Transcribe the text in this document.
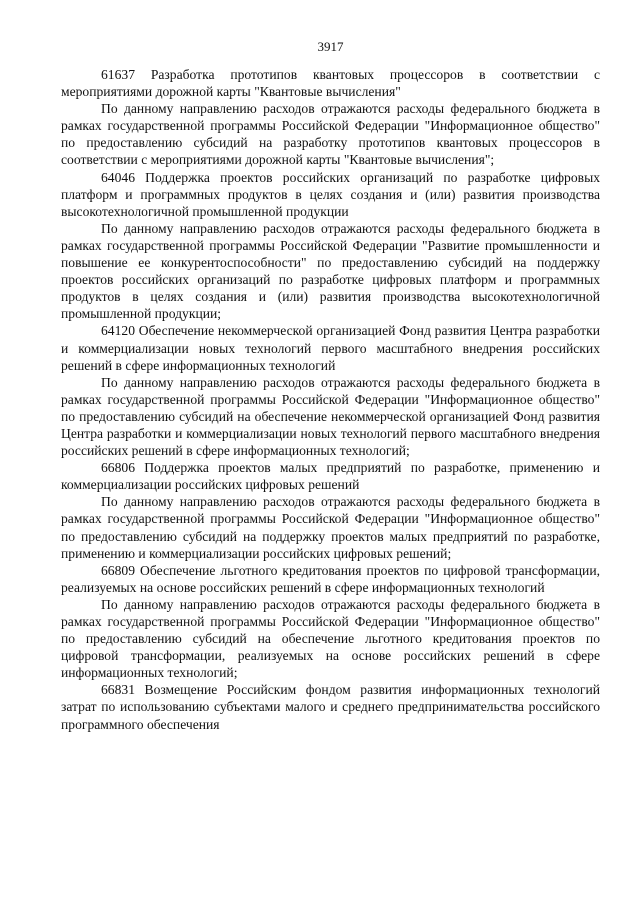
3917

61637 Разработка прототипов квантовых процессоров в соответствии с мероприятиями дорожной карты "Квантовые вычисления"

По данному направлению расходов отражаются расходы федерального бюджета в рамках государственной программы Российской Федерации "Информационное общество" по предоставлению субсидий на разработку прототипов квантовых процессоров в соответствии с мероприятиями дорожной карты "Квантовые вычисления";

64046 Поддержка проектов российских организаций по разработке цифровых платформ и программных продуктов в целях создания и (или) развития производства высокотехнологичной промышленной продукции

По данному направлению расходов отражаются расходы федерального бюджета в рамках государственной программы Российской Федерации "Развитие промышленности и повышение ее конкурентоспособности" по предоставлению субсидий на поддержку проектов российских организаций по разработке цифровых платформ и программных продуктов в целях создания и (или) развития производства высокотехнологичной промышленной продукции;

64120 Обеспечение некоммерческой организацией Фонд развития Центра разработки и коммерциализации новых технологий первого масштабного внедрения российских решений в сфере информационных технологий

По данному направлению расходов отражаются расходы федерального бюджета в рамках государственной программы Российской Федерации "Информационное общество" по предоставлению субсидий на обеспечение некоммерческой организацией Фонд развития Центра разработки и коммерциализации новых технологий первого масштабного внедрения российских решений в сфере информационных технологий;

66806 Поддержка проектов малых предприятий по разработке, применению и коммерциализации российских цифровых решений

По данному направлению расходов отражаются расходы федерального бюджета в рамках государственной программы Российской Федерации "Информационное общество" по предоставлению субсидий на поддержку проектов малых предприятий по разработке, применению и коммерциализации российских цифровых решений;

66809 Обеспечение льготного кредитования проектов по цифровой трансформации, реализуемых на основе российских решений в сфере информационных технологий

По данному направлению расходов отражаются расходы федерального бюджета в рамках государственной программы Российской Федерации "Информационное общество" по предоставлению субсидий на обеспечение льготного кредитования проектов по цифровой трансформации, реализуемых на основе российских решений в сфере информационных технологий;

66831 Возмещение Российским фондом развития информационных технологий затрат по использованию субъектами малого и среднего предпринимательства российского программного обеспечения
